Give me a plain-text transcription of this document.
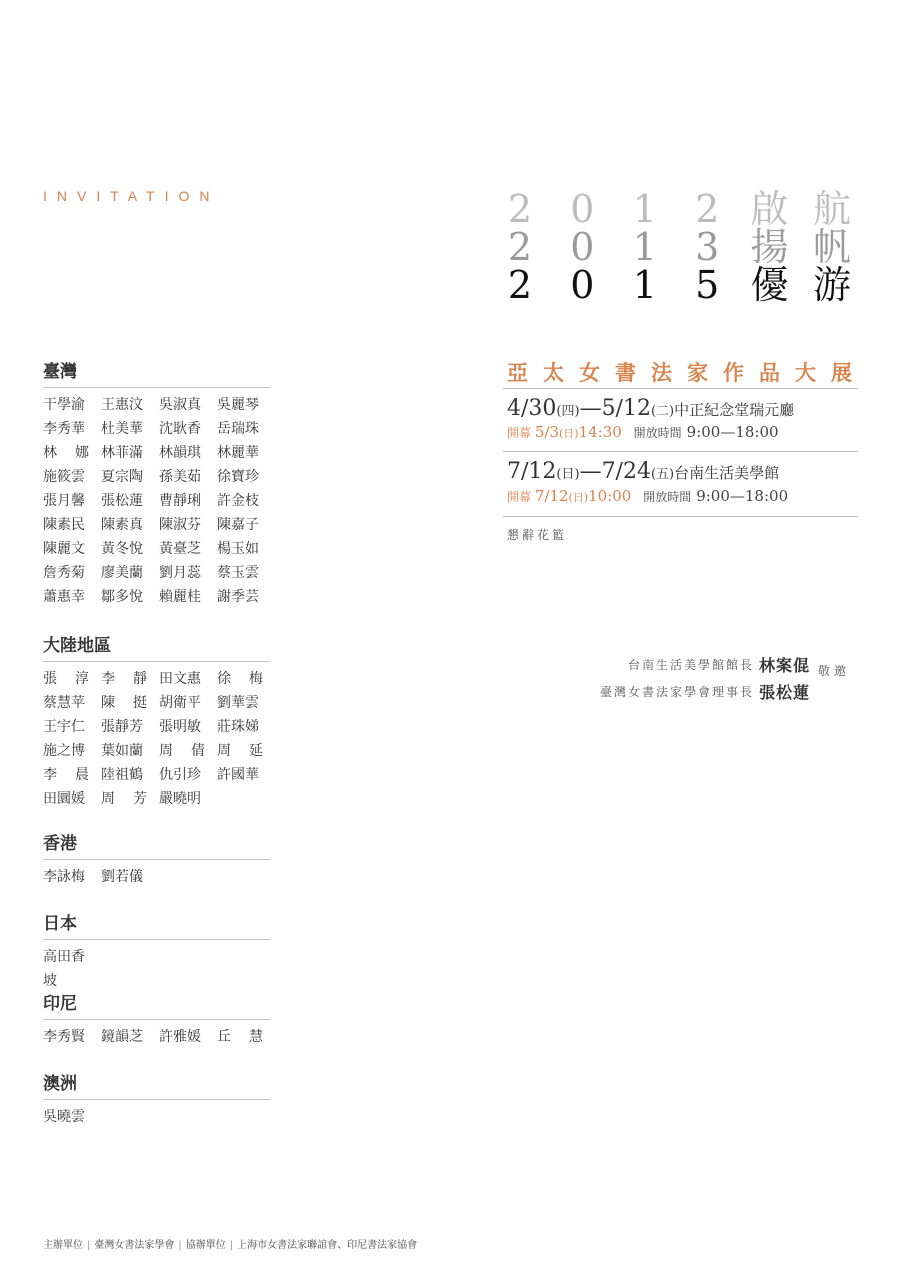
INVITATION	2 0 1 2 啟 航
2 0 1 3 揚 帆
2 0 1 5 優 游
亞 太 女 書 法 家 作 品 大 展
4∕30(四)—5∕12(二)中正紀念堂瑞元廳
開幕 5∕3(日)14:30 開放時間 9:00—18:00
7∕12(日)—7∕24(五)台南生活美學館
開幕 7∕12(日)10:00 開放時間 9:00—18:00
懇辭花籃
台南生活美學館館長 林案倱
臺灣女書法家學會理事長 張松蓮
敬邀
臺灣
干學渝 王惠汶 吳淑真 吳麗琴
李秀華 杜美華 沈耿香 岳瑞珠
林 娜 林菲滿 林韻琪 林麗華
施筱雲 夏宗陶 孫美茹 徐寶珍
張月馨 張松蓮 曹靜琍 許金枝
陳素民 陳素真 陳淑芬 陳嘉子
陳麗文 黃冬悅 黃臺芝 楊玉如
詹秀菊 廖美蘭 劉月蕊 蔡玉雲
蕭惠幸 鄒多悅 賴麗桂 謝季芸
大陸地區
張 淳 李 靜 田文惠 徐 梅
蔡慧苹 陳 挺 胡衛平 劉華雲
王宇仁 張靜芳 張明敏 莊珠娣
施之博 葉如蘭 周 倩 周 延
李 晨 陸祖鶴 仇引珍 許國華
田圜媛 周 芳 嚴曉明
香港
李詠梅 劉若儀
日本
高田香坡
印尼
李秀賢 鏡韻芝 許雅媛 丘 慧
澳洲
吳曉雲
主辦單位 | 臺灣女書法家學會 | 協辦單位 | 上海市女書法家聯誼會、印尼書法家協會
